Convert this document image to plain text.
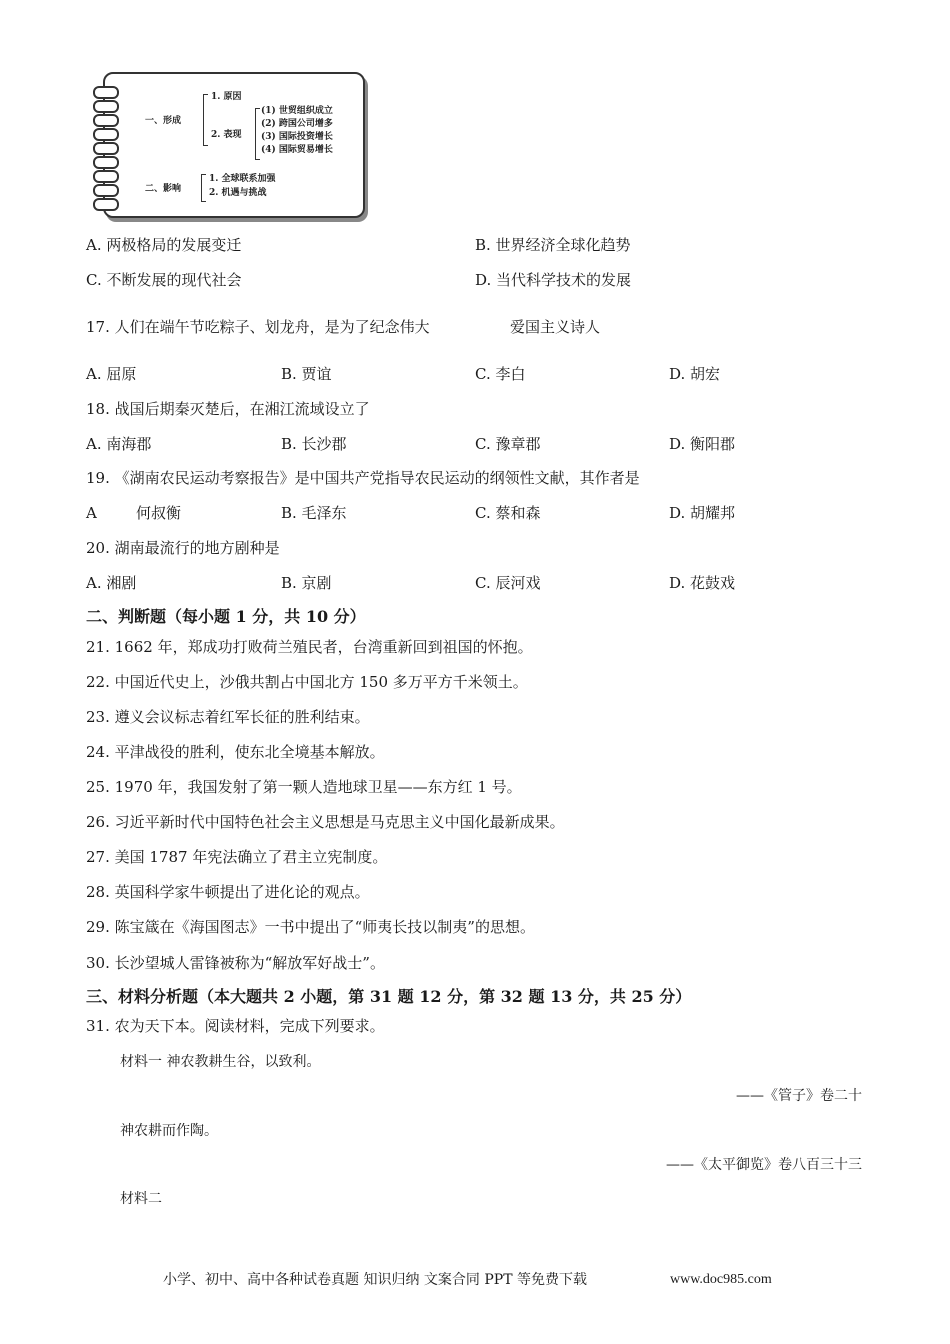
一、形成
1. 原因
2. 表现
(1) 世贸组织成立
(2) 跨国公司增多
(3) 国际投资增长
(4) 国际贸易增长
二、影响
1. 全球联系加强
2. 机遇与挑战
A. 两极格局的发展变迁	B. 世界经济全球化趋势
C. 不断发展的现代社会	D. 当代科学技术的发展
17. 人们在端午节吃粽子、划龙舟，是为了纪念伟大	爱国主义诗人
A. 屈原	B. 贾谊	C. 李白	D. 胡宏
18. 战国后期秦灭楚后，在湘江流域设立了
A. 南海郡	B. 长沙郡	C. 豫章郡	D. 衡阳郡
19. 《湖南农民运动考察报告》是中国共产党指导农民运动的纲领性文献，其作者是
A	何叔衡	B. 毛泽东	C. 蔡和森	D. 胡耀邦
20. 湖南最流行的地方剧种是
A. 湘剧	B. 京剧	C. 辰河戏	D. 花鼓戏
二、判断题（每小题 1 分，共 10 分）
21. 1662 年，郑成功打败荷兰殖民者，台湾重新回到祖国的怀抱。
22. 中国近代史上，沙俄共割占中国北方 150 多万平方千米领土。
23. 遵义会议标志着红军长征的胜利结束。
24. 平津战役的胜利，使东北全境基本解放。
25. 1970 年，我国发射了第一颗人造地球卫星——东方红 1 号。
26. 习近平新时代中国特色社会主义思想是马克思主义中国化最新成果。
27. 美国 1787 年宪法确立了君主立宪制度。
28. 英国科学家牛顿提出了进化论的观点。
29. 陈宝箴在《海国图志》一书中提出了“师夷长技以制夷”的思想。
30. 长沙望城人雷锋被称为“解放军好战士”。
三、材料分析题（本大题共 2 小题，第 31 题 12 分，第 32 题 13 分，共 25 分）
31. 农为天下本。阅读材料，完成下列要求。
材料一 神农教耕生谷，以致利。
——《管子》卷二十
神农耕而作陶。
——《太平御览》卷八百三十三
材料二
小学、初中、高中各种试卷真题 知识归纳 文案合同 PPT 等免费下载	www.doc985.com
